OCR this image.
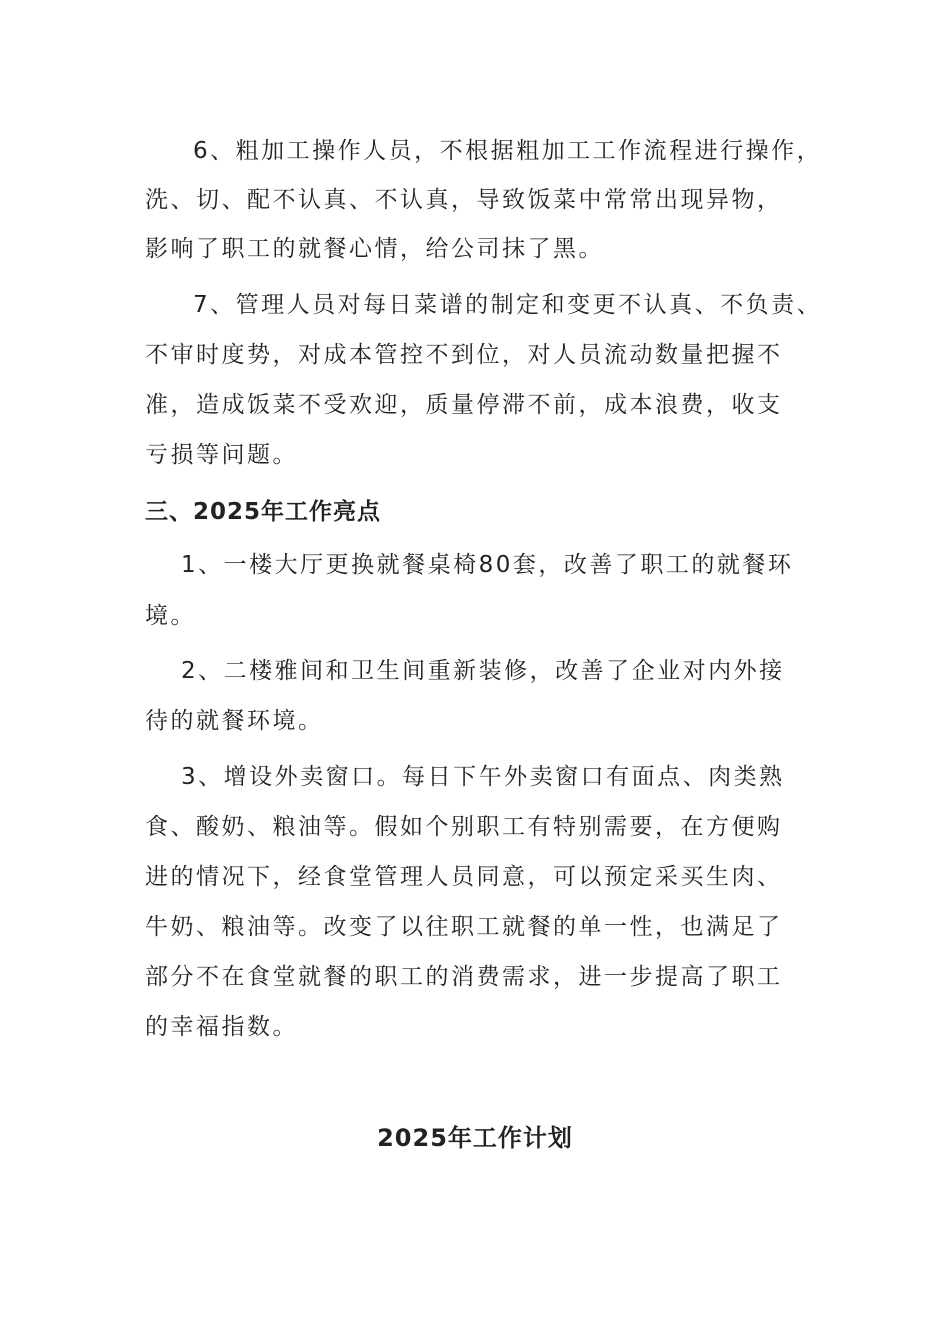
6、粗加工操作人员，不根据粗加工工作流程进行操作，
洗、切、配不认真、不认真，导致饭菜中常常出现异物，
影响了职工的就餐心情，给公司抹了黑。
7、管理人员对每日菜谱的制定和变更不认真、不负责、
不审时度势，对成本管控不到位，对人员流动数量把握不
准，造成饭菜不受欢迎，质量停滞不前，成本浪费，收支
亏损等问题。
三、2025年工作亮点
1、一楼大厅更换就餐桌椅80套，改善了职工的就餐环
境。
2、二楼雅间和卫生间重新装修，改善了企业对内外接
待的就餐环境。
3、增设外卖窗口。每日下午外卖窗口有面点、肉类熟
食、酸奶、粮油等。假如个别职工有特别需要，在方便购
进的情况下，经食堂管理人员同意，可以预定采买生肉、
牛奶、粮油等。改变了以往职工就餐的单一性，也满足了
部分不在食堂就餐的职工的消费需求，进一步提高了职工
的幸福指数。
2025年工作计划
